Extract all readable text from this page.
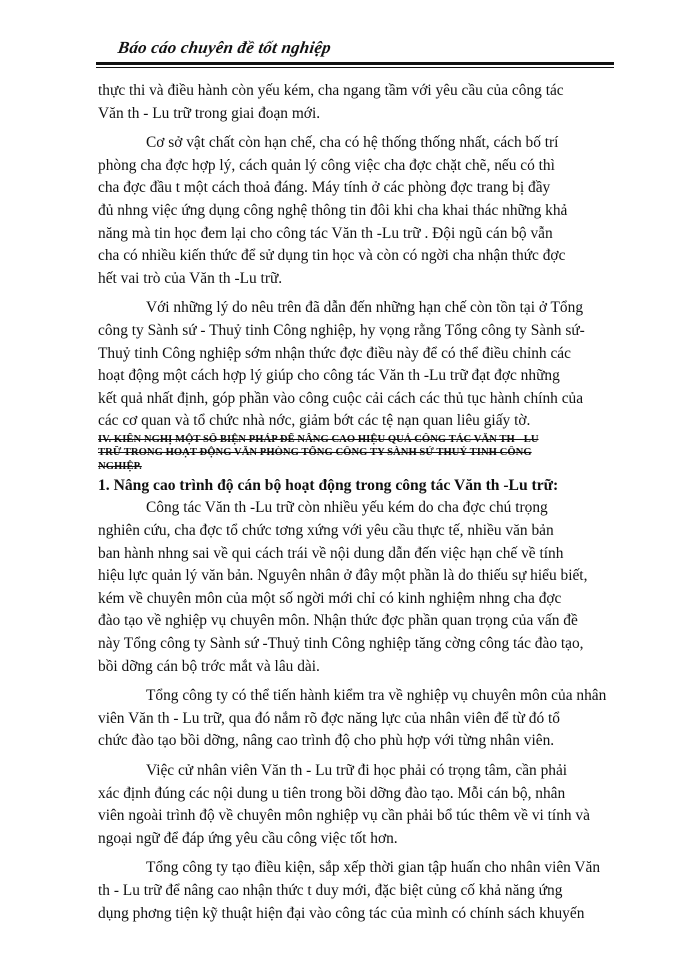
Báo cáo chuyên đề tốt nghiệp
thực thi và điều hành còn yếu kém, cha ngang tầm với yêu cầu của công tác
Văn th - Lu trữ trong giai đoạn mới.
Cơ sở vật chất còn hạn chế, cha có hệ thống thống nhất, cách bố trí
phòng cha đợc hợp lý, cách quản lý công việc cha đợc chặt chẽ, nếu có thì
cha đợc đầu t một cách thoả đáng. Máy tính ở các phòng đợc trang bị đầy
đủ nhng việc ứng dụng công nghệ thông tin đôi khi cha khai thác những khả
năng mà tin học đem lại cho công tác Văn th -Lu trữ . Đội ngũ cán bộ vẫn
cha có nhiều kiến thức để sử dụng tin học và còn có ngời cha nhận thức đợc
hết vai trò của Văn th -Lu trữ.
Với những lý do nêu trên đã dẫn đến những hạn chế còn tồn tại ở Tổng
công ty Sành sứ - Thuỷ tinh Công nghiệp, hy vọng rằng Tổng công ty Sành sứ-
Thuỷ tinh Công nghiệp sớm nhận thức đợc điều này để có thể điều chỉnh các
hoạt động một cách hợp lý giúp cho công tác Văn th -Lu trữ đạt đợc những
kết quả nhất định, góp phần vào công cuộc cải cách các thủ tục hành chính của
các cơ quan và tổ chức nhà nớc, giảm bớt các tệ nạn quan liêu giấy tờ.
IV. KIẾN NGHỊ MỘT SỐ BIỆN PHÁP ĐỂ NÂNG CAO HIỆU QUẢ CÔNG TÁC VĂN TH - LU
TRỮ TRONG HOẠT ĐỘNG VĂN PHÒNG TỔNG CÔNG TY SÀNH SỨ THUỶ TINH CÔNG
NGHIỆP.
1. Nâng cao trình độ cán bộ hoạt động trong công tác Văn th -Lu trữ:
Công tác Văn th -Lu trữ còn nhiều yếu kém do cha đợc chú trọng
nghiên cứu, cha đợc tổ chức tơng xứng với yêu cầu thực tế, nhiều văn bản
ban hành nhng sai về qui cách trái về nội dung dẫn đến việc hạn chế về tính
hiệu lực quản lý văn bản. Nguyên nhân ở đây một phần là do thiếu sự hiểu biết,
kém về chuyên môn của một số ngời mới chỉ có kinh nghiệm nhng cha đợc
đào tạo về nghiệp vụ chuyên môn. Nhận thức đợc phần quan trọng của vấn đề
này Tổng công ty Sành sứ -Thuỷ tinh Công nghiệp tăng cờng công tác đào tạo,
bồi dỡng cán bộ trớc mắt và lâu dài.
Tổng công ty có thể tiến hành kiểm tra về nghiệp vụ chuyên môn của nhân
viên Văn th - Lu trữ, qua đó nắm rõ đợc năng lực của nhân viên để từ đó tổ
chức đào tạo bồi dỡng, nâng cao trình độ cho phù hợp với từng nhân viên.
Việc cử nhân viên Văn th - Lu trữ đi học phải có trọng tâm, cần phải
xác định đúng các nội dung u tiên trong bồi dỡng đào tạo. Mỗi cán bộ, nhân
viên ngoài trình độ về chuyên môn nghiệp vụ cần phải bổ túc thêm về vi tính và
ngoại ngữ để đáp ứng yêu cầu công việc tốt hơn.
Tổng công ty tạo điều kiện, sắp xếp thời gian tập huấn cho nhân viên Văn
th - Lu trữ để nâng cao nhận thức t duy mới, đặc biệt củng cố khả năng ứng
dụng phơng tiện kỹ thuật hiện đại vào công tác của mình có chính sách khuyến
